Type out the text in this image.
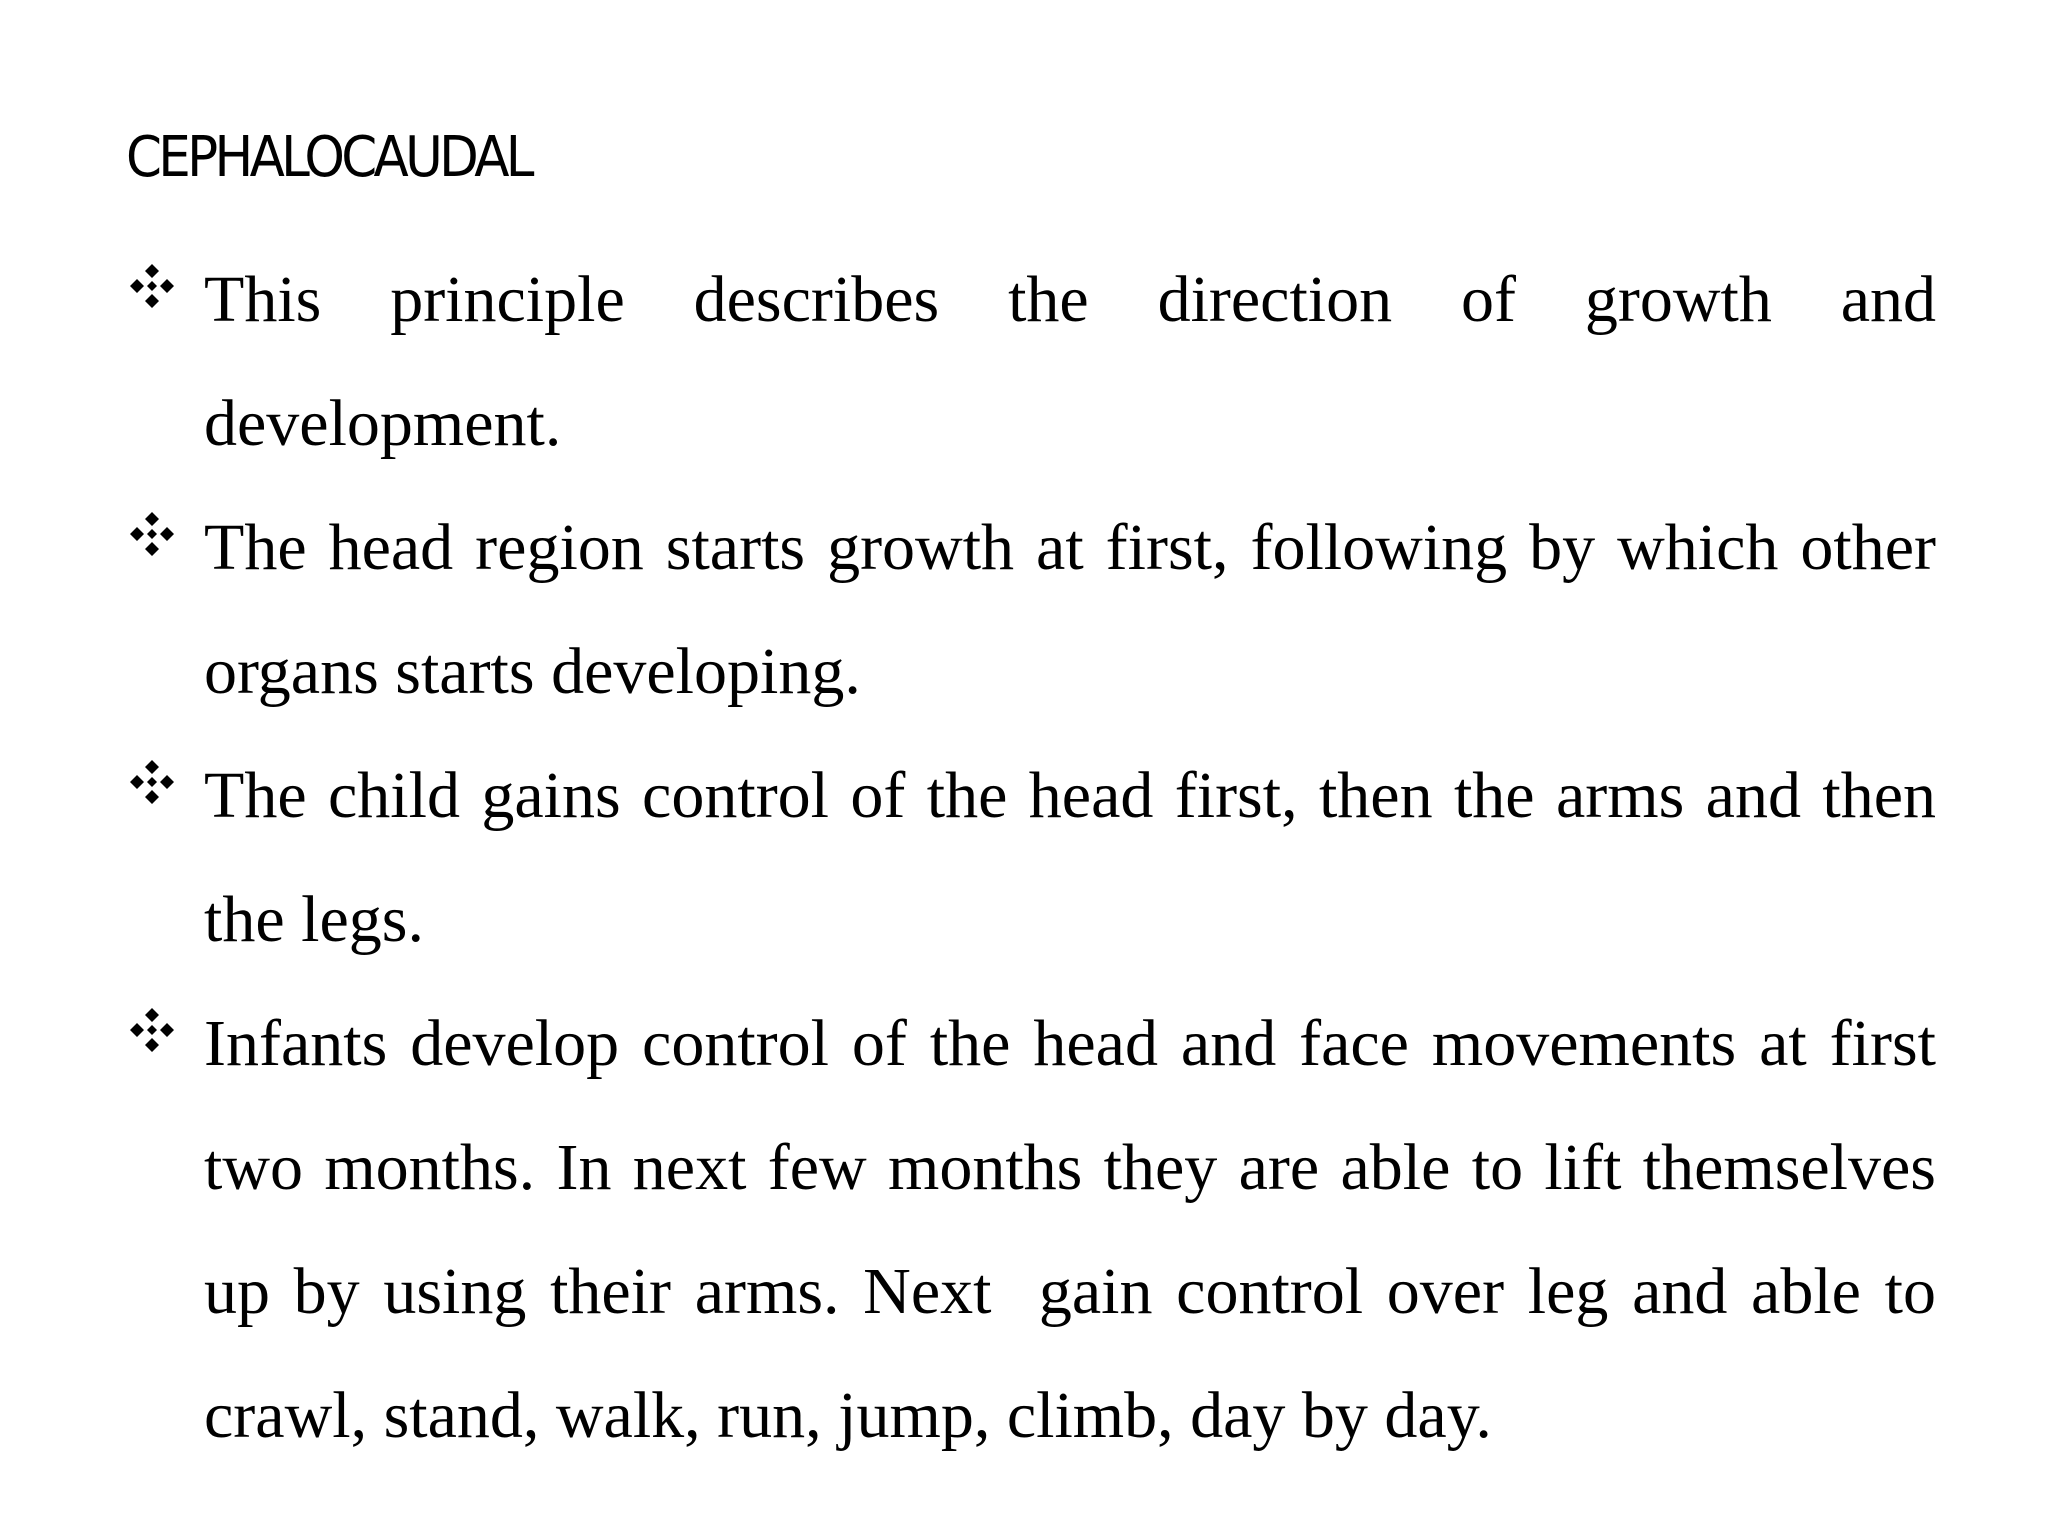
CEPHALOCAUDAL
This principle describes the direction of growth and development.
The head region starts growth at first, following by which other organs starts developing.
The child gains control of the head first, then the arms and then the legs.
Infants develop control of the head and face movements at first two months. In next few months they are able to lift themselves up by using their arms. Next  gain control over leg and able to crawl, stand, walk, run, jump, climb, day by day.
